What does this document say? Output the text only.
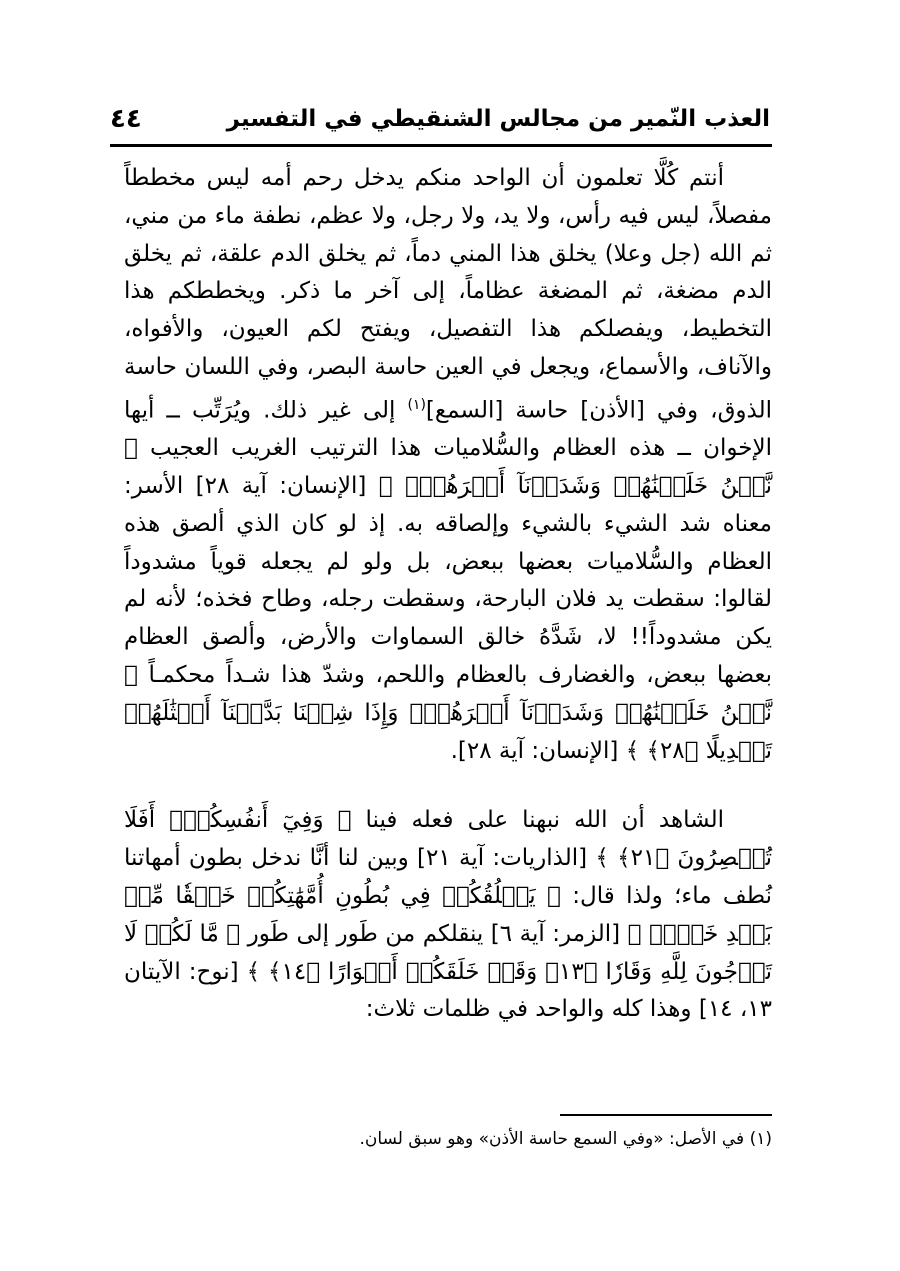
العذب النّمير من مجالس الشنقيطي في التفسير
٤٤

أنتم كُلَّا تعلمون أن الواحد منكم يدخل رحم أمه ليس مخططاً مفصلاً، ليس فيه رأس، ولا يد، ولا رجل، ولا عظم، نطفة ماء من مني، ثم الله (جل وعلا) يخلق هذا المني دماً، ثم يخلق الدم علقة، ثم يخلق الدم مضغة، ثم المضغة عظاماً، إلى آخر ما ذكر. ويخططكم هذا التخطيط، ويفصلكم هذا التفصيل، ويفتح لكم العيون، والأفواه، والآناف، والأسماع، ويجعل في العين حاسة البصر، وفي اللسان حاسة الذوق، وفي [الأذن] حاسة [السمع]$^{(١)}$ إلى غير ذلك. ويُرَتِّب ــ أيها الإخوان ــ هذه العظام والسُّلاميات هذا الترتيب الغريب العجيب ﴿ نَّحۡنُ خَلَقۡنَٰهُمۡ وَشَدَدۡنَآ أَسۡرَهُمۡۖ ﴾ [الإنسان: آية ٢٨] الأسر: معناه شد الشيء بالشيء وإلصاقه به. إذ لو كان الذي ألصق هذه العظام والسُّلاميات بعضها ببعض، بل ولو لم يجعله قوياً مشدوداً لقالوا: سقطت يد فلان البارحة، وسقطت رجله، وطاح فخذه؛ لأنه لم يكن مشدوداً!! لا، شَدَّهُ خالق السماوات والأرض، وألصق العظام بعضها ببعض، والغضارف بالعظام واللحم، وشدّ هذا شـداً محكمـاً ﴿ نَّحۡنُ خَلَقۡنَٰهُمۡ وَشَدَدۡنَآ أَسۡرَهُمۡۖ وَإِذَا شِئۡنَا بَدَّلۡنَآ أَمۡثَٰلَهُمۡ تَبۡدِيلًا ﴿٢٨﴾ ﴾ [الإنسان: آية ٢٨].

الشاهد أن الله نبهنا على فعله فينا ﴿ وَفِيٓ أَنفُسِكُمۡۚ أَفَلَا تُبۡصِرُونَ ﴿٢١﴾ ﴾ [الذاريات: آية ٢١] وبين لنا أنَّا ندخل بطون أمهاتنا نُطف ماء؛ ولذا قال: ﴿ يَخۡلُقُكُمۡ فِي بُطُونِ أُمَّهَٰتِكُمۡ خَلۡقٗا مِّنۢ بَعۡدِ خَلۡقٖ ﴾ [الزمر: آية ٦] ينقلكم من طَور إلى طَور ﴿ مَّا لَكُمۡ لَا تَرۡجُونَ لِلَّهِ وَقَارٗا ﴿١٣﴾ وَقَدۡ خَلَقَكُمۡ أَطۡوَارًا ﴿١٤﴾ ﴾ [نوح: الآيتان ١٣، ١٤] وهذا كله والواحد في ظلمات ثلاث:

(١) في الأصل: «وفي السمع حاسة الأذن» وهو سبق لسان.
